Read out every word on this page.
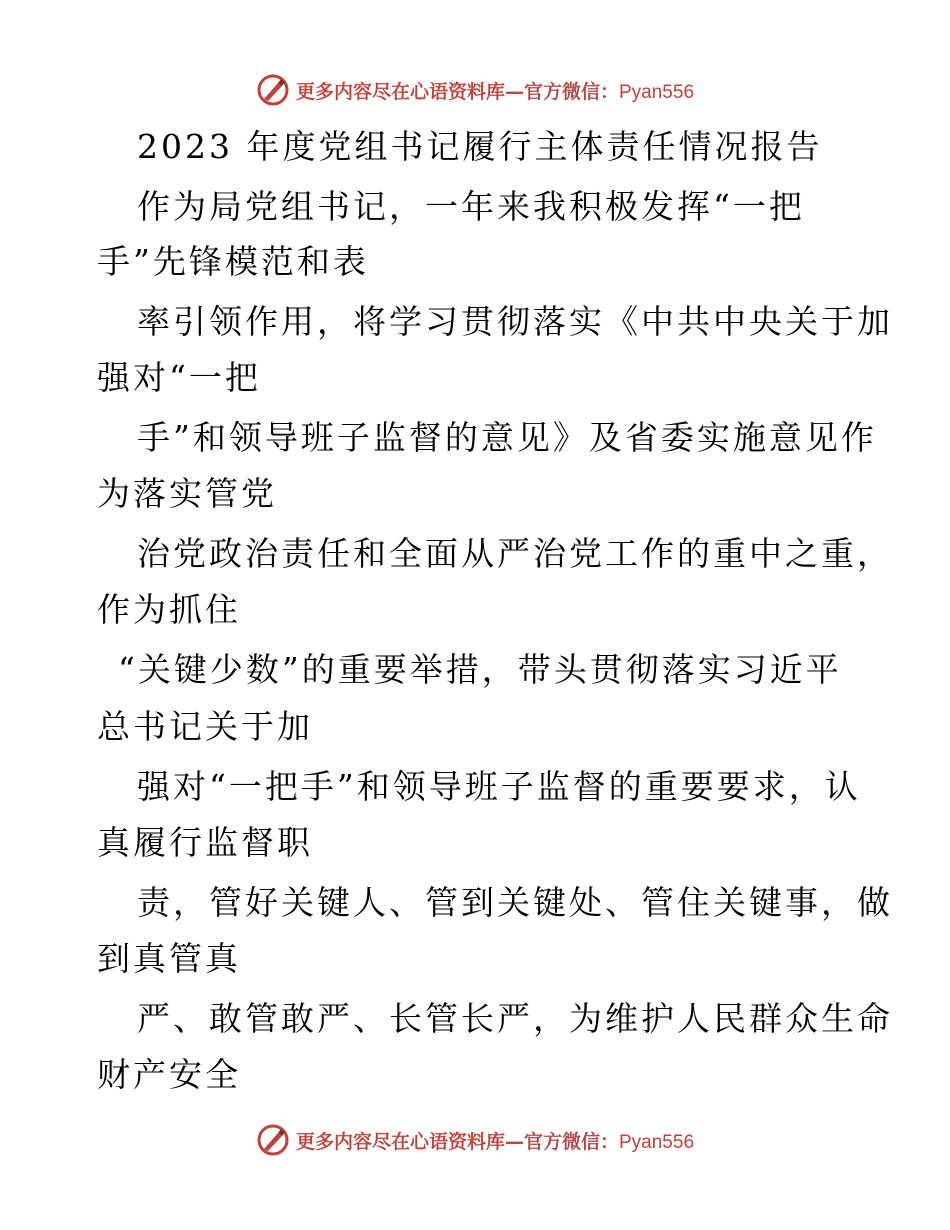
更多内容尽在心语资料库 — 官方微信： Pyan556
2023 年度党组书记履行主体责任情况报告
作为局党组书记，一年来我积极发挥“一把
手”先锋模范和表
率引领作用，将学习贯彻落实《中共中央关于加
强对“一把
手”和领导班子监督的意见》及省委实施意见作
为落实管党
治党政治责任和全面从严治党工作的重中之重，
作为抓住
“关键少数”的重要举措，带头贯彻落实习近平
总书记关于加
强对“一把手”和领导班子监督的重要要求，认
真履行监督职
责，管好关键人、管到关键处、管住关键事，做
到真管真
严、敢管敢严、长管长严，为维护人民群众生命
财产安全
更多内容尽在心语资料库 — 官方微信： Pyan556
